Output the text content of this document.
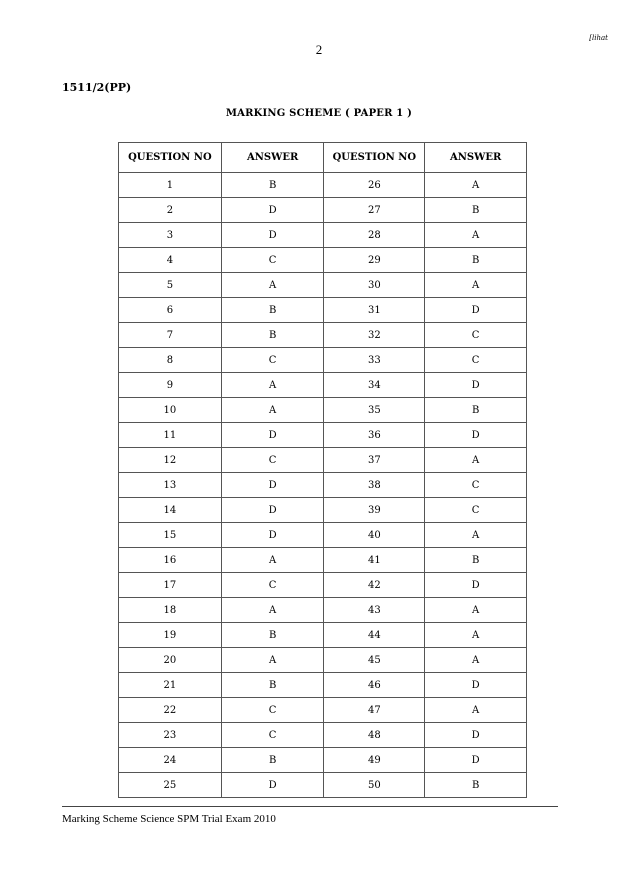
[lihat
2
1511/2(PP)
MARKING SCHEME ( PAPER 1 )
QUESTION NO	ANSWER	QUESTION NO	ANSWER
1	B	26	A
2	D	27	B
3	D	28	A
4	C	29	B
5	A	30	A
6	B	31	D
7	B	32	C
8	C	33	C
9	A	34	D
10	A	35	B
11	D	36	D
12	C	37	A
13	D	38	C
14	D	39	C
15	D	40	A
16	A	41	B
17	C	42	D
18	A	43	A
19	B	44	A
20	A	45	A
21	B	46	D
22	C	47	A
23	C	48	D
24	B	49	D
25	D	50	B
Marking Scheme Science SPM Trial Exam 2010
